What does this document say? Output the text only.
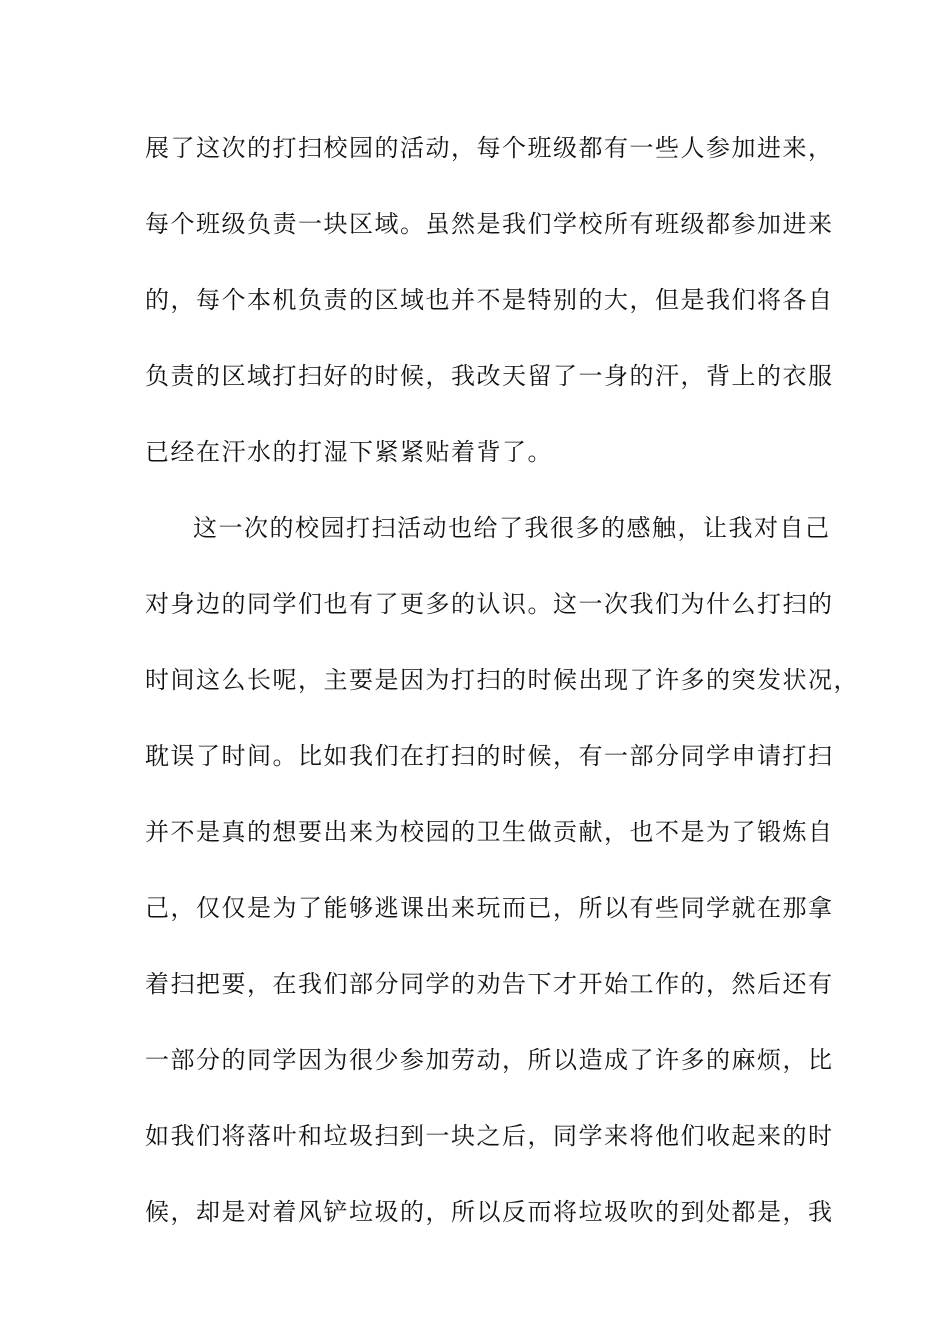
展了这次的打扫校园的活动，每个班级都有一些人参加进来，
每个班级负责一块区域。虽然是我们学校所有班级都参加进来
的，每个本机负责的区域也并不是特别的大，但是我们将各自
负责的区域打扫好的时候，我改天留了一身的汗，背上的衣服
已经在汗水的打湿下紧紧贴着背了。
这一次的校园打扫活动也给了我很多的感触，让我对自己
对身边的同学们也有了更多的认识。这一次我们为什么打扫的
时间这么长呢，主要是因为打扫的时候出现了许多的突发状况，
耽误了时间。比如我们在打扫的时候，有一部分同学申请打扫
并不是真的想要出来为校园的卫生做贡献，也不是为了锻炼自
己，仅仅是为了能够逃课出来玩而已，所以有些同学就在那拿
着扫把要，在我们部分同学的劝告下才开始工作的，然后还有
一部分的同学因为很少参加劳动，所以造成了许多的麻烦，比
如我们将落叶和垃圾扫到一块之后，同学来将他们收起来的时
候，却是对着风铲垃圾的，所以反而将垃圾吹的到处都是，我
